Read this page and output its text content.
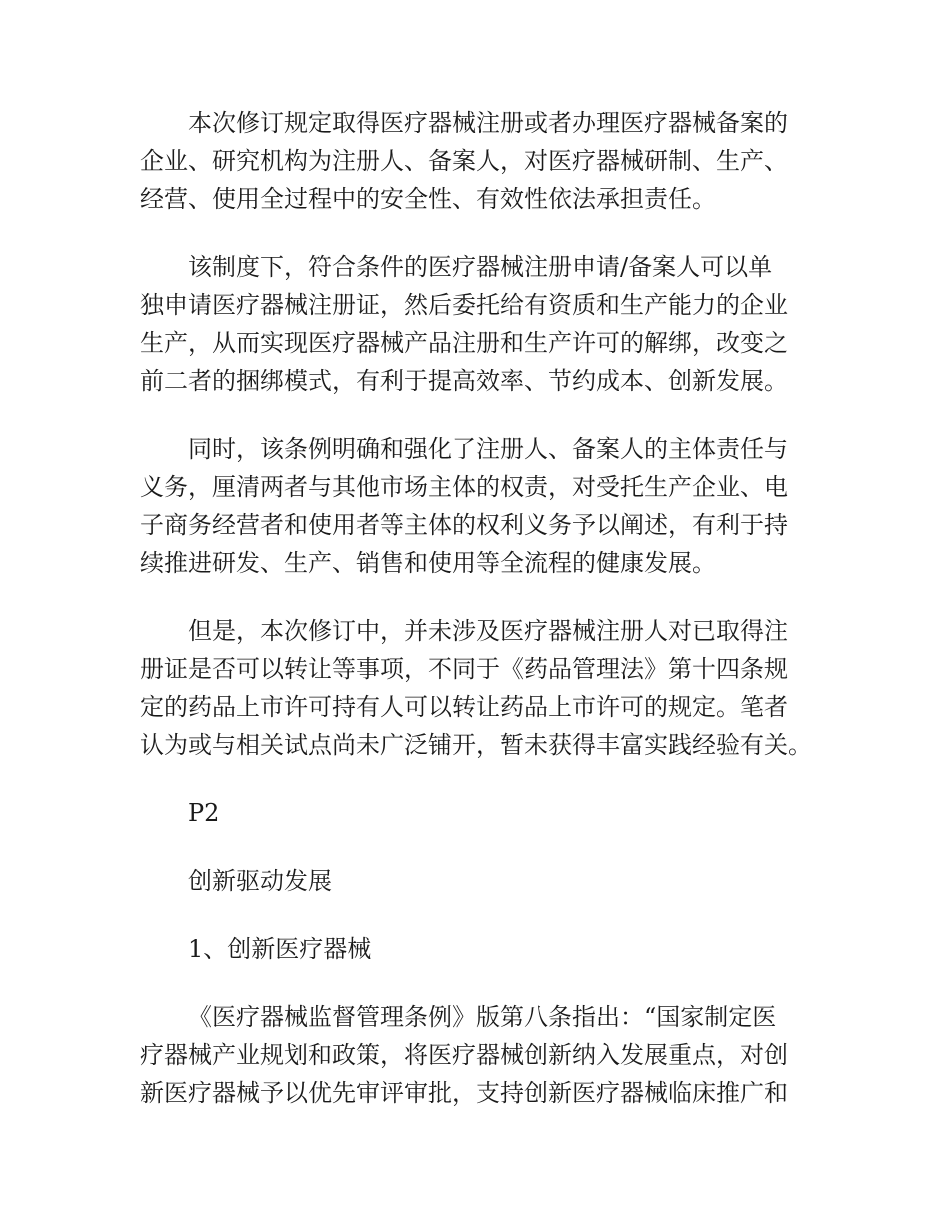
本次修订规定取得医疗器械注册或者办理医疗器械备案的
企业、研究机构为注册人、备案人，对医疗器械研制、生产、
经营、使用全过程中的安全性、有效性依法承担责任。

该制度下，符合条件的医疗器械注册申请/备案人可以单
独申请医疗器械注册证，然后委托给有资质和生产能力的企业
生产，从而实现医疗器械产品注册和生产许可的解绑，改变之
前二者的捆绑模式，有利于提高效率、节约成本、创新发展。

同时，该条例明确和强化了注册人、备案人的主体责任与
义务，厘清两者与其他市场主体的权责，对受托生产企业、电
子商务经营者和使用者等主体的权利义务予以阐述，有利于持
续推进研发、生产、销售和使用等全流程的健康发展。

但是，本次修订中，并未涉及医疗器械注册人对已取得注
册证是否可以转让等事项，不同于《药品管理法》第十四条规
定的药品上市许可持有人可以转让药品上市许可的规定。笔者
认为或与相关试点尚未广泛铺开，暂未获得丰富实践经验有关。

P2

创新驱动发展

1、创新医疗器械

《医疗器械监督管理条例》版第八条指出：“国家制定医
疗器械产业规划和政策，将医疗器械创新纳入发展重点，对创
新医疗器械予以优先审评审批，支持创新医疗器械临床推广和
